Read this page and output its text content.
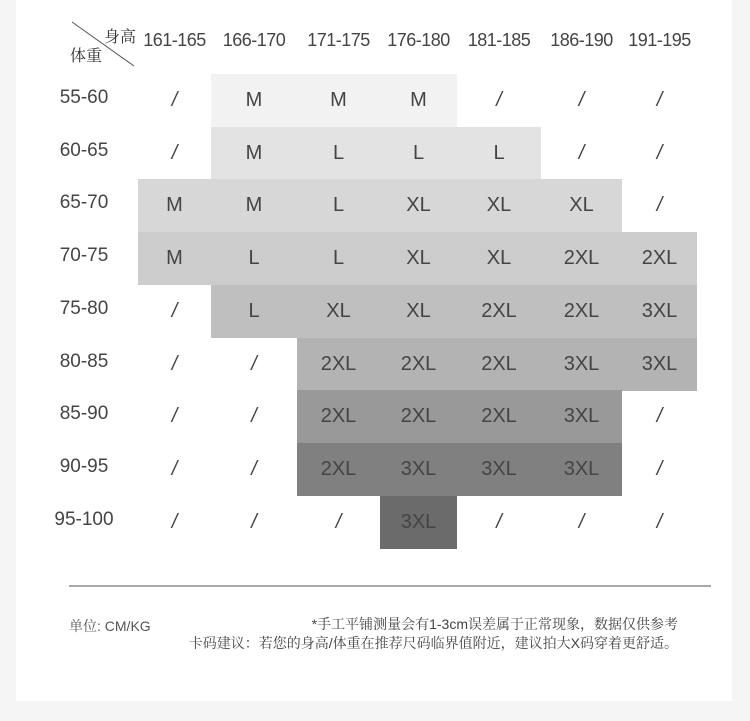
身高
体重
161-165 166-170	171-175 176-180 181-185	186-190 191-195
55-60	/	M	M	M	/	/	/
60-65	/	M	L	L	L	/	/
65-70	M	M	L	XL	XL	XL	/
70-75	M	L	L	XL	XL	2XL	2XL
75-80	/	L	XL	XL	2XL	2XL	3XL
80-85	/	/	2XL	2XL	2XL	3XL	3XL
85-90	/	/	2XL	2XL	2XL	3XL	/
90-95	/	/	2XL	3XL	3XL	3XL	/
95-100	/	/	/	3XL	/	/	/
单位: CM/KG	*手工平铺测量会有1-3cm误差属于正常现象，数据仅供参考
卡码建议：若您的身高/体重在推荐尺码临界值附近，建议拍大X码穿着更舒适。
